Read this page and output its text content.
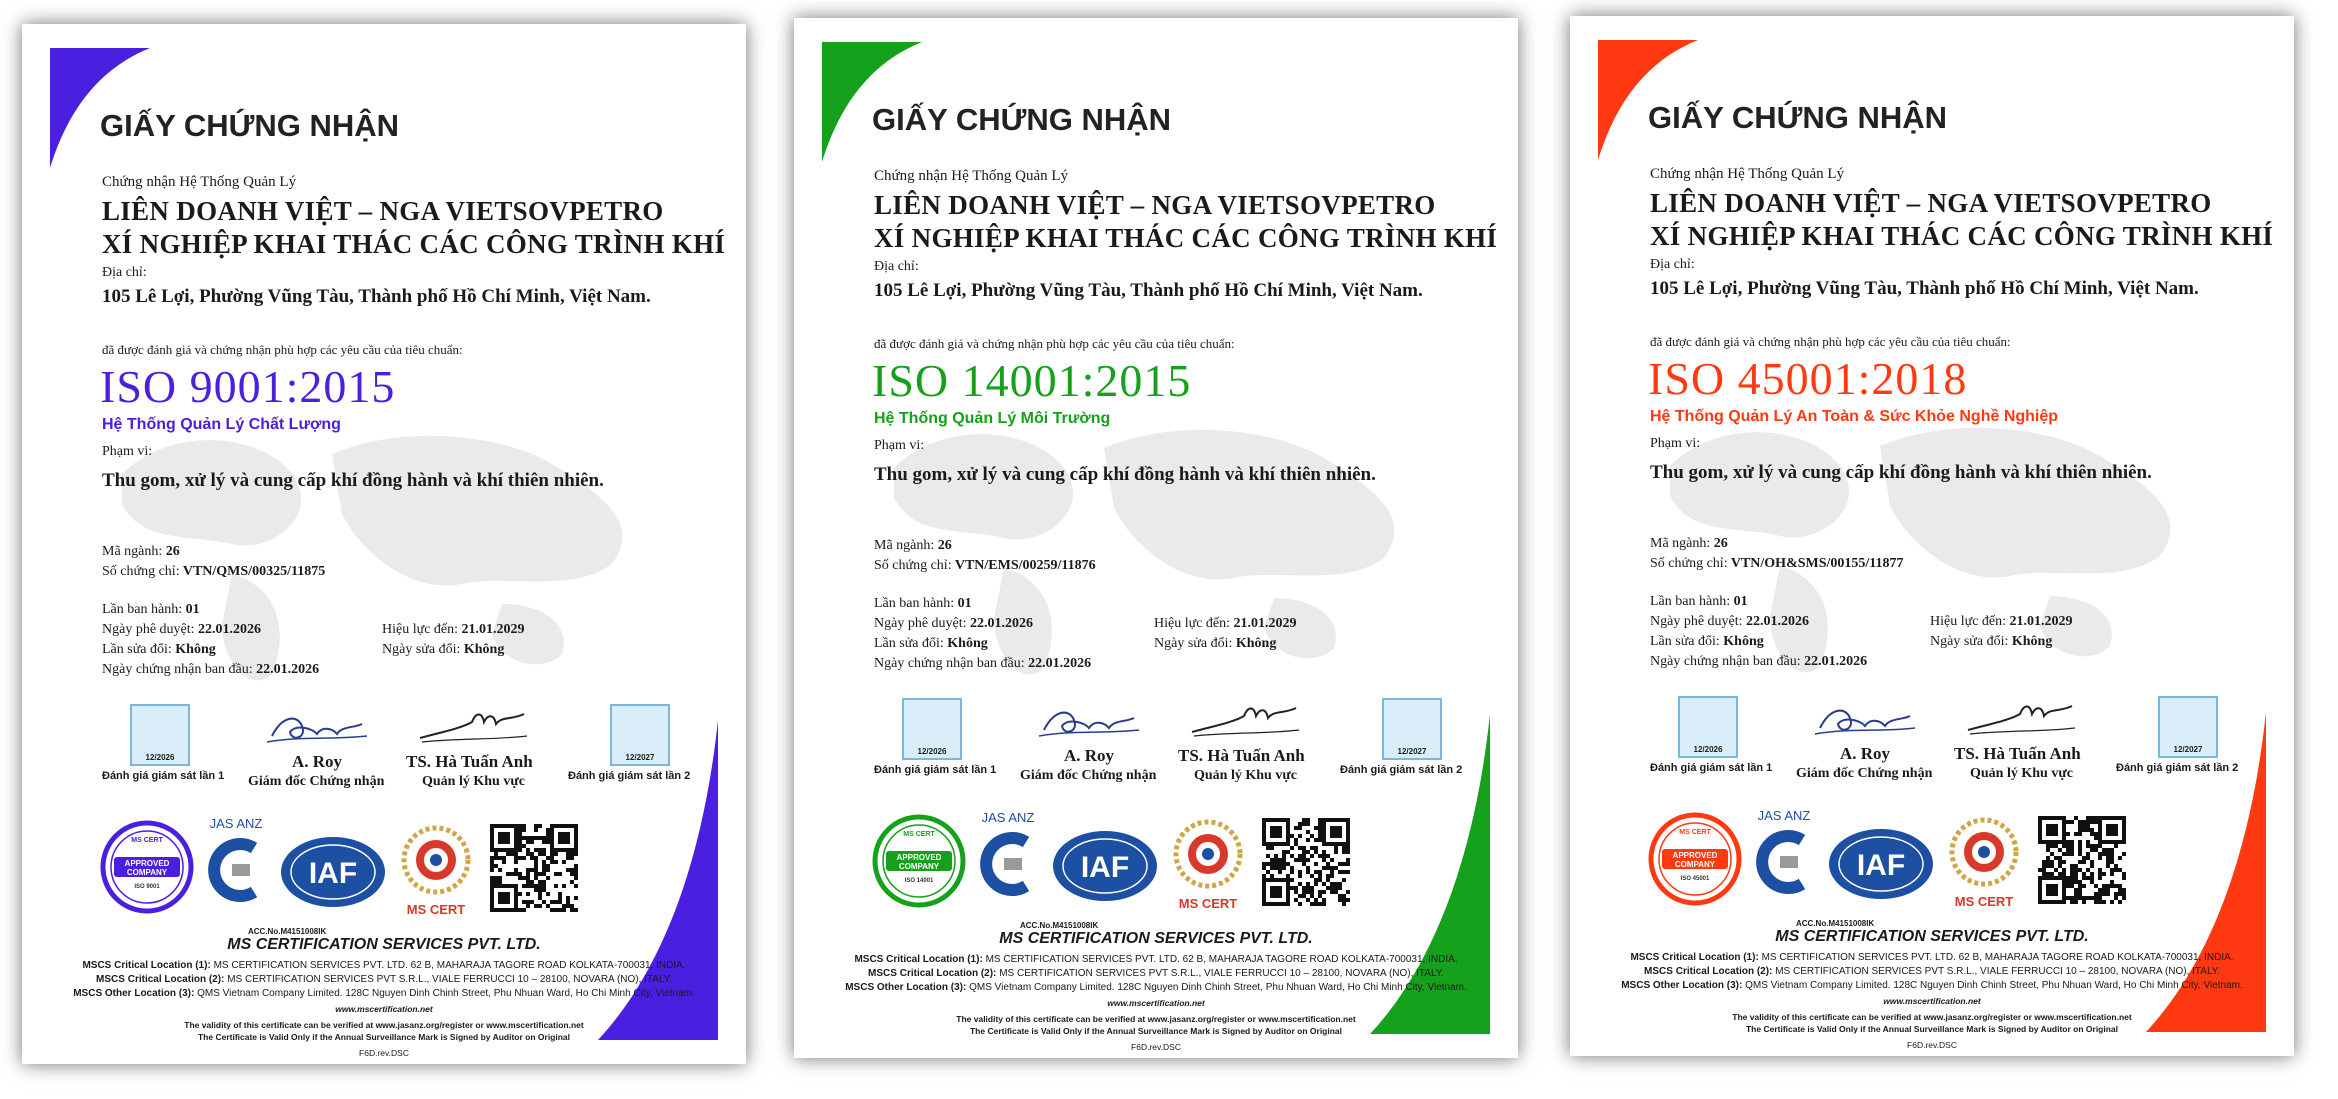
GIẤY CHỨNG NHẬN
Chứng nhận Hệ Thống Quản Lý
LIÊN DOANH VIỆT – NGA VIETSOVPETRO
XÍ NGHIỆP KHAI THÁC CÁC CÔNG TRÌNH KHÍ
Địa chỉ:
105 Lê Lợi, Phường Vũng Tàu, Thành phố Hồ Chí Minh, Việt Nam.
đã được đánh giá và chứng nhận phù hợp các yêu cầu của tiêu chuẩn:
ISO 9001:2015
Hệ Thống Quản Lý Chất Lượng
Phạm vi:
Thu gom, xử lý và cung cấp khí đồng hành và khí thiên nhiên.
Mã ngành: 26
Số chứng chỉ: VTN/QMS/00325/11875
Lần ban hành: 01
Ngày phê duyệt: 22.01.2026
Lần sửa đổi: Không
Ngày chứng nhận ban đầu: 22.01.2026
Hiệu lực đến: 21.01.2029
Ngày sửa đổi: Không
12/2026
Đánh giá giám sát lần 1
12/2027
Đánh giá giám sát lần 2
A. Roy
Giám đốc Chứng nhận
TS. Hà Tuấn Anh
Quản lý Khu vực
MS CERT
APPROVED
COMPANY
ISO 9001
JAS ANZ
ACC.No.M4151008IK
IAF
MS CERT
MS CERTIFICATION SERVICES PVT. LTD.
MSCS Critical Location (1): MS CERTIFICATION SERVICES PVT. LTD. 62 B, MAHARAJA TAGORE ROAD KOLKATA-700031, INDIA.
MSCS Critical Location (2): MS CERTIFICATION SERVICES PVT S.R.L., VIALE FERRUCCI 10 – 28100, NOVARA (NO), ITALY.
MSCS Other Location (3): QMS Vietnam Company Limited. 128C Nguyen Dinh Chinh Street, Phu Nhuan Ward, Ho Chi Minh City, Vietnam.
www.mscertification.net
The validity of this certificate can be verified at www.jasanz.org/register or www.mscertification.net
The Certificate is Valid Only if the Annual Surveillance Mark is Signed by Auditor on Original
F6D.rev.DSC
GIẤY CHỨNG NHẬN
Chứng nhận Hệ Thống Quản Lý
LIÊN DOANH VIỆT – NGA VIETSOVPETRO
XÍ NGHIỆP KHAI THÁC CÁC CÔNG TRÌNH KHÍ
Địa chỉ:
105 Lê Lợi, Phường Vũng Tàu, Thành phố Hồ Chí Minh, Việt Nam.
đã được đánh giá và chứng nhận phù hợp các yêu cầu của tiêu chuẩn:
ISO 14001:2015
Hệ Thống Quản Lý Môi Trường
Phạm vi:
Thu gom, xử lý và cung cấp khí đồng hành và khí thiên nhiên.
Mã ngành: 26
Số chứng chỉ: VTN/EMS/00259/11876
Lần ban hành: 01
Ngày phê duyệt: 22.01.2026
Lần sửa đổi: Không
Ngày chứng nhận ban đầu: 22.01.2026
Hiệu lực đến: 21.01.2029
Ngày sửa đổi: Không
12/2026
Đánh giá giám sát lần 1
12/2027
Đánh giá giám sát lần 2
A. Roy
Giám đốc Chứng nhận
TS. Hà Tuấn Anh
Quản lý Khu vực
MS CERT
APPROVED
COMPANY
ISO 14001
JAS ANZ
ACC.No.M4151008IK
IAF
MS CERT
MS CERTIFICATION SERVICES PVT. LTD.
MSCS Critical Location (1): MS CERTIFICATION SERVICES PVT. LTD. 62 B, MAHARAJA TAGORE ROAD KOLKATA-700031, INDIA.
MSCS Critical Location (2): MS CERTIFICATION SERVICES PVT S.R.L., VIALE FERRUCCI 10 – 28100, NOVARA (NO), ITALY.
MSCS Other Location (3): QMS Vietnam Company Limited. 128C Nguyen Dinh Chinh Street, Phu Nhuan Ward, Ho Chi Minh City, Vietnam.
www.mscertification.net
The validity of this certificate can be verified at www.jasanz.org/register or www.mscertification.net
The Certificate is Valid Only if the Annual Surveillance Mark is Signed by Auditor on Original
F6D.rev.DSC
GIẤY CHỨNG NHẬN
Chứng nhận Hệ Thống Quản Lý
LIÊN DOANH VIỆT – NGA VIETSOVPETRO
XÍ NGHIỆP KHAI THÁC CÁC CÔNG TRÌNH KHÍ
Địa chỉ:
105 Lê Lợi, Phường Vũng Tàu, Thành phố Hồ Chí Minh, Việt Nam.
đã được đánh giá và chứng nhận phù hợp các yêu cầu của tiêu chuẩn:
ISO 45001:2018
Hệ Thống Quản Lý An Toàn & Sức Khỏe Nghề Nghiệp
Phạm vi:
Thu gom, xử lý và cung cấp khí đồng hành và khí thiên nhiên.
Mã ngành: 26
Số chứng chỉ: VTN/OH&SMS/00155/11877
Lần ban hành: 01
Ngày phê duyệt: 22.01.2026
Lần sửa đổi: Không
Ngày chứng nhận ban đầu: 22.01.2026
Hiệu lực đến: 21.01.2029
Ngày sửa đổi: Không
12/2026
Đánh giá giám sát lần 1
12/2027
Đánh giá giám sát lần 2
A. Roy
Giám đốc Chứng nhận
TS. Hà Tuấn Anh
Quản lý Khu vực
MS CERT
APPROVED
COMPANY
ISO 45001
JAS ANZ
ACC.No.M4151008IK
IAF
MS CERT
MS CERTIFICATION SERVICES PVT. LTD.
MSCS Critical Location (1): MS CERTIFICATION SERVICES PVT. LTD. 62 B, MAHARAJA TAGORE ROAD KOLKATA-700031, INDIA.
MSCS Critical Location (2): MS CERTIFICATION SERVICES PVT S.R.L., VIALE FERRUCCI 10 – 28100, NOVARA (NO), ITALY.
MSCS Other Location (3): QMS Vietnam Company Limited. 128C Nguyen Dinh Chinh Street, Phu Nhuan Ward, Ho Chi Minh City, Vietnam.
www.mscertification.net
The validity of this certificate can be verified at www.jasanz.org/register or www.mscertification.net
The Certificate is Valid Only if the Annual Surveillance Mark is Signed by Auditor on Original
F6D.rev.DSC
